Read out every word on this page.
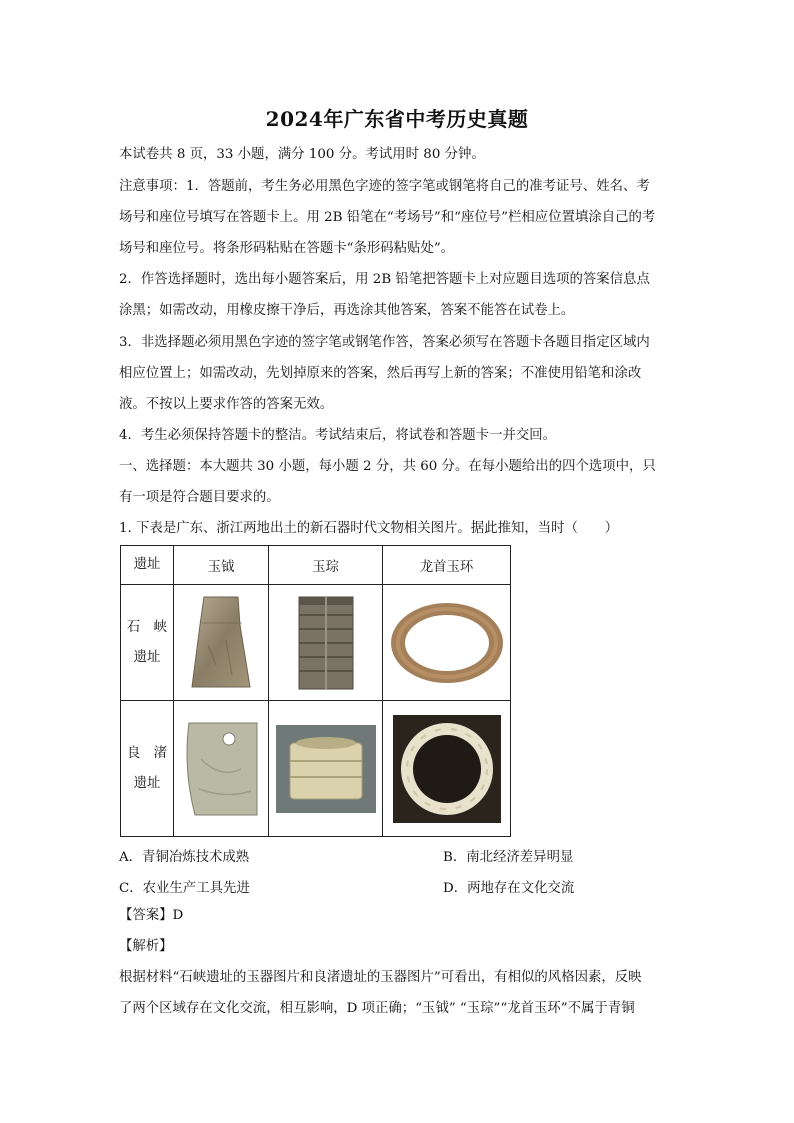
2024年广东省中考历史真题
本试卷共 8 页，33 小题，满分 100 分。考试用时 80 分钟。
注意事项：1．答题前，考生务必用黑色字迹的签字笔或钢笔将自己的准考证号、姓名、考
场号和座位号填写在答题卡上。用 2B 铅笔在“考场号”和“座位号”栏相应位置填涂自己的考
场号和座位号。将条形码粘贴在答题卡“条形码粘贴处”。
2．作答选择题时，选出每小题答案后，用 2B 铅笔把答题卡上对应题目选项的答案信息点
涂黑；如需改动，用橡皮擦干净后，再选涂其他答案，答案不能答在试卷上。
3．非选择题必须用黑色字迹的签字笔或钢笔作答，答案必须写在答题卡各题目指定区域内
相应位置上；如需改动，先划掉原来的答案，然后再写上新的答案；不准使用铅笔和涂改
液。不按以上要求作答的答案无效。
4．考生必须保持答题卡的整洁。考试结束后，将试卷和答题卡一并交回。
一、选择题：本大题共 30 小题，每小题 2 分，共 60 分。在每小题给出的四个选项中，只
有一项是符合题目要求的。
1. 下表是广东、浙江两地出土的新石器时代文物相关图片。据此推知，当时（　　）
遗址	玉钺	玉琮	龙首玉环

石　峡
遗址

良　渚
遗址

A．青铜冶炼技术成熟	B．南北经济差异明显
C．农业生产工具先进	D．两地存在文化交流
【答案】D
【解析】
根据材料“石峡遗址的玉器图片和良渚遗址的玉器图片”可看出，有相似的风格因素，反映
了两个区域存在文化交流，相互影响，D 项正确；“玉钺” “玉琮”“龙首玉环”不属于青铜
